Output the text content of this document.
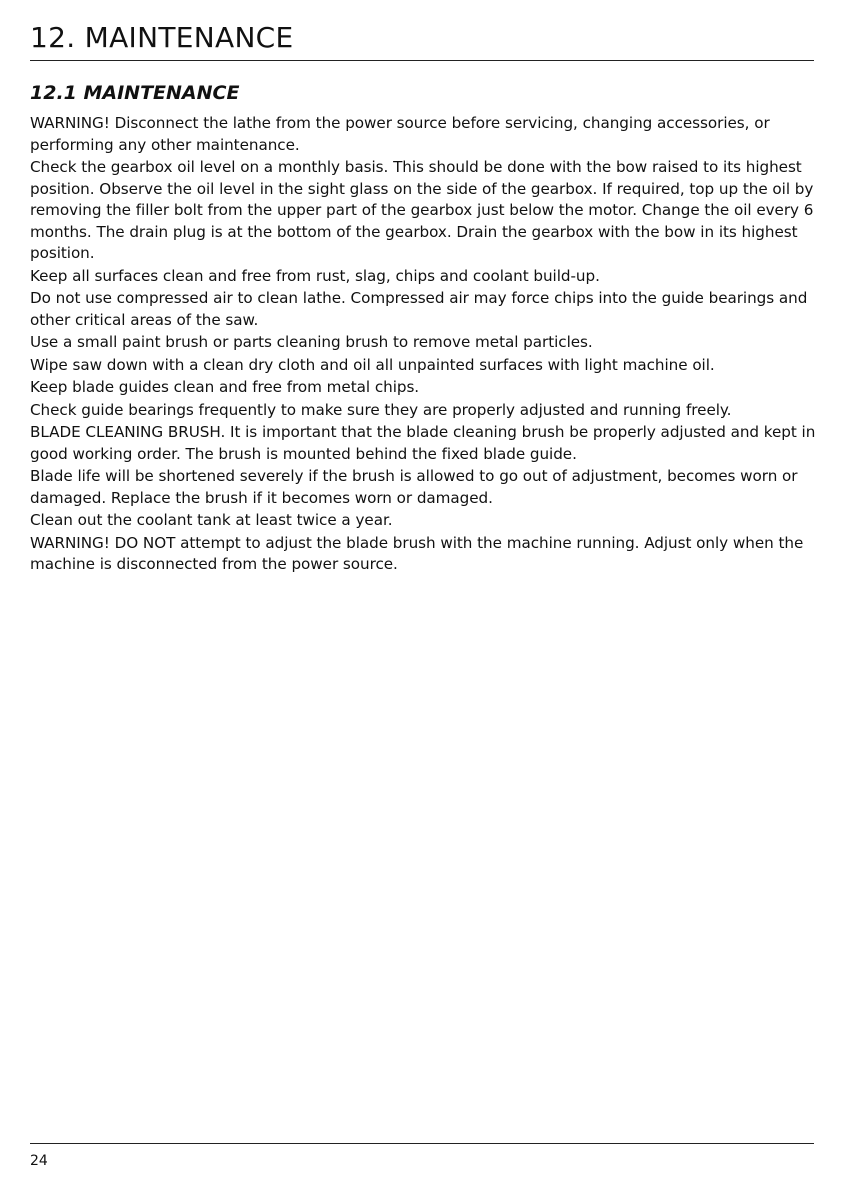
12. MAINTENANCE
12.1 MAINTENANCE

WARNING! Disconnect the lathe from the power source before servicing, changing accessories, or performing any other maintenance.

Check the gearbox oil level on a monthly basis. This should be done with the bow raised to its highest position. Observe the oil level in the sight glass on the side of the gearbox. If required, top up the oil by removing the filler bolt from the upper part of the gearbox just below the motor. Change the oil every 6 months. The drain plug is at the bottom of the gearbox. Drain the gearbox with the bow in its highest position.

Keep all surfaces clean and free from rust, slag, chips and coolant build-up.

Do not use compressed air to clean lathe. Compressed air may force chips into the guide bearings and other critical areas of the saw.

Use a small paint brush or parts cleaning brush to remove metal particles.

Wipe saw down with a clean dry cloth and oil all unpainted surfaces with light machine oil.

Keep blade guides clean and free from metal chips.

Check guide bearings frequently to make sure they are properly adjusted and running freely.

BLADE CLEANING BRUSH. It is important that the blade cleaning brush be properly adjusted and kept in good working order. The brush is mounted behind the fixed blade guide.

Blade life will be shortened severely if the brush is allowed to go out of adjustment, becomes worn or damaged. Replace the brush if it becomes worn or damaged.

Clean out the coolant tank at least twice a year.

WARNING! DO NOT attempt to adjust the blade brush with the machine running. Adjust only when the machine is disconnected from the power source.

24
